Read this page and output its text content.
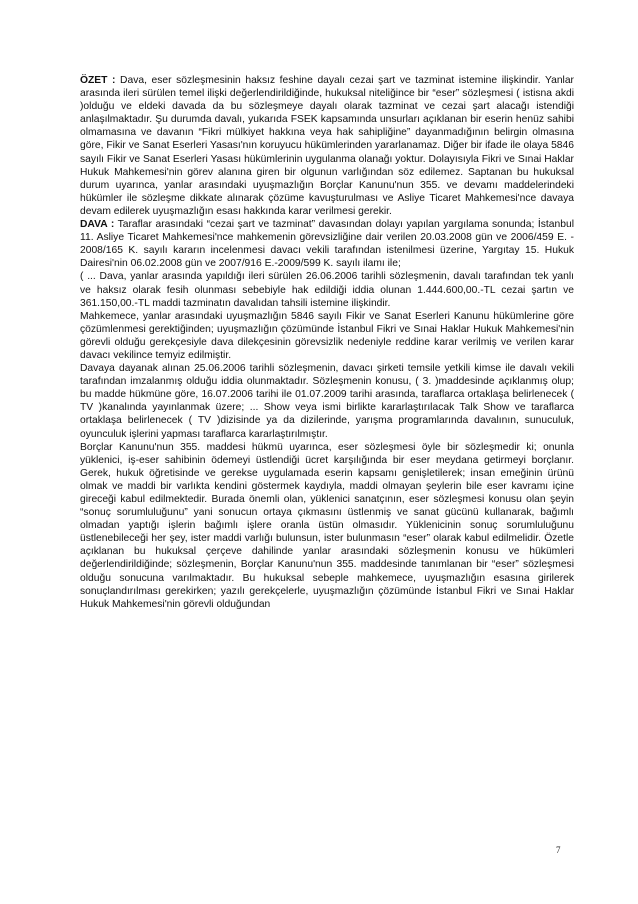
ÖZET : Dava, eser sözleşmesinin haksız feshine dayalı cezai şart ve tazminat istemine ilişkindir. Yanlar arasında ileri sürülen temel ilişki değerlendirildiğinde, hukuksal niteliğince bir “eser” sözleşmesi ( istisna akdi )olduğu ve eldeki davada da bu sözleşmeye dayalı olarak tazminat ve cezai şart alacağı istendiği anlaşılmaktadır. Şu durumda davalı, yukarıda FSEK kapsamında unsurları açıklanan bir eserin henüz sahibi olmamasına ve davanın “Fikri mülkiyet hakkına veya hak sahipliğine” dayanmadığının belirgin olmasına göre, Fikir ve Sanat Eserleri Yasası'nın koruyucu hükümlerinden yararlanamaz. Diğer bir ifade ile olaya 5846 sayılı Fikir ve Sanat Eserleri Yasası hükümlerinin uygulanma olanağı yoktur. Dolayısıyla Fikri ve Sınai Haklar Hukuk Mahkemesi'nin görev alanına giren bir olgunun varlığından söz edilemez. Saptanan bu hukuksal durum uyarınca, yanlar arasındaki uyuşmazlığın Borçlar Kanunu'nun 355. ve devamı maddelerindeki hükümler ile sözleşme dikkate alınarak çözüme kavuşturulması ve Asliye Ticaret Mahkemesi'nce davaya devam edilerek uyuşmazlığın esası hakkında karar verilmesi gerekir.

DAVA : Taraflar arasındaki “cezai şart ve tazminat” davasından dolayı yapılan yargılama sonunda; İstanbul 11. Asliye Ticaret Mahkemesi'nce mahkemenin görevsizliğine dair verilen 20.03.2008 gün ve 2006/459 E. - 2008/165 K. sayılı kararın incelenmesi davacı vekili tarafından istenilmesi üzerine, Yargıtay 15. Hukuk Dairesi'nin 06.02.2008 gün ve 2007/916 E.-2009/599 K. sayılı ilamı ile;

( ... Dava, yanlar arasında yapıldığı ileri sürülen 26.06.2006 tarihli sözleşmenin, davalı tarafından tek yanlı ve haksız olarak fesih olunması sebebiyle hak edildiği iddia olunan 1.444.600,00.-TL cezai şartın ve 361.150,00.-TL maddi tazminatın davalıdan tahsili istemine ilişkindir.

Mahkemece, yanlar arasındaki uyuşmazlığın 5846 sayılı Fikir ve Sanat Eserleri Kanunu hükümlerine göre çözümlenmesi gerektiğinden; uyuşmazlığın çözümünde İstanbul Fikri ve Sınai Haklar Hukuk Mahkemesi'nin görevli olduğu gerekçesiyle dava dilekçesinin görevsizlik nedeniyle reddine karar verilmiş ve verilen karar davacı vekilince temyiz edilmiştir.

Davaya dayanak alınan 25.06.2006 tarihli sözleşmenin, davacı şirketi temsile yetkili kimse ile davalı vekili tarafından imzalanmış olduğu iddia olunmaktadır. Sözleşmenin konusu, ( 3. )maddesinde açıklanmış olup; bu madde hükmüne göre, 16.07.2006 tarihi ile 01.07.2009 tarihi arasında, taraflarca ortaklaşa belirlenecek ( TV )kanalında yayınlanmak üzere; ... Show veya ismi birlikte kararlaştırılacak Talk Show ve taraflarca ortaklaşa belirlenecek ( TV )dizisinde ya da dizilerinde, yarışma programlarında davalının, sunuculuk, oyunculuk işlerini yapması taraflarca kararlaştırılmıştır.

Borçlar Kanunu'nun 355. maddesi hükmü uyarınca, eser sözleşmesi öyle bir sözleşmedir ki; onunla yüklenici, iş-eser sahibinin ödemeyi üstlendiği ücret karşılığında bir eser meydana getirmeyi borçlanır. Gerek, hukuk öğretisinde ve gerekse uygulamada eserin kapsamı genişletilerek; insan emeğinin ürünü olmak ve maddi bir varlıkta kendini göstermek kaydıyla, maddi olmayan şeylerin bile eser kavramı içine gireceği kabul edilmektedir. Burada önemli olan, yüklenici sanatçının, eser sözleşmesi konusu olan şeyin “sonuç sorumluluğunu” yani sonucun ortaya çıkmasını üstlenmiş ve sanat gücünü kullanarak, bağımlı olmadan yaptığı işlerin bağımlı işlere oranla üstün olmasıdır. Yüklenicinin sonuç sorumluluğunu üstlenebileceği her şey, ister maddi varlığı bulunsun, ister bulunmasın “eser” olarak kabul edilmelidir. Özetle açıklanan bu hukuksal çerçeve dahilinde yanlar arasındaki sözleşmenin konusu ve hükümleri değerlendirildiğinde; sözleşmenin, Borçlar Kanunu'nun 355. maddesinde tanımlanan bir “eser” sözleşmesi olduğu sonucuna varılmaktadır. Bu hukuksal sebeple mahkemece, uyuşmazlığın esasına girilerek sonuçlandırılması gerekirken; yazılı gerekçelerle, uyuşmazlığın çözümünde İstanbul Fikri ve Sınai Haklar Hukuk Mahkemesi'nin görevli olduğundan

7
